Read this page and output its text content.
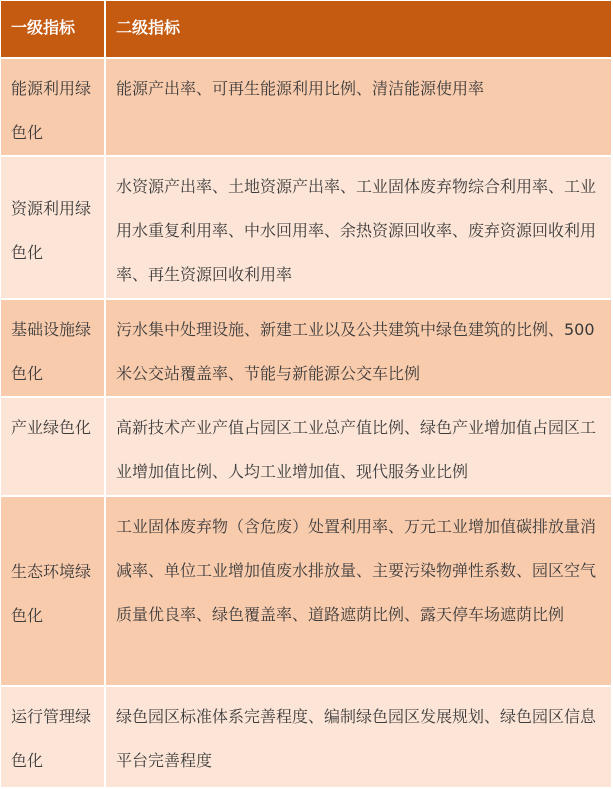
一级指标	二级指标
能源利用绿色化
能源产出率、可再生能源利用比例、清洁能源使用率
资源利用绿色化
水资源产出率、土地资源产出率、工业固体废弃物综合利用率、工业用水重复利用率、中水回用率、余热资源回收率、废弃资源回收利用率、再生资源回收利用率
基础设施绿色化
污水集中处理设施、新建工业以及公共建筑中绿色建筑的比例、500 米公交站覆盖率、节能与新能源公交车比例
产业绿色化	高新技术产业产值占园区工业总产值比例、绿色产业增加值占园区工业增加值比例、人均工业增加值、现代服务业比例
生态环境绿色化
工业固体废弃物（含危废）处置利用率、万元工业增加值碳排放量消减率、单位工业增加值废水排放量、主要污染物弹性系数、园区空气质量优良率、绿色覆盖率、道路遮荫比例、露天停车场遮荫比例
运行管理绿色化
绿色园区标准体系完善程度、编制绿色园区发展规划、绿色园区信息平台完善程度
